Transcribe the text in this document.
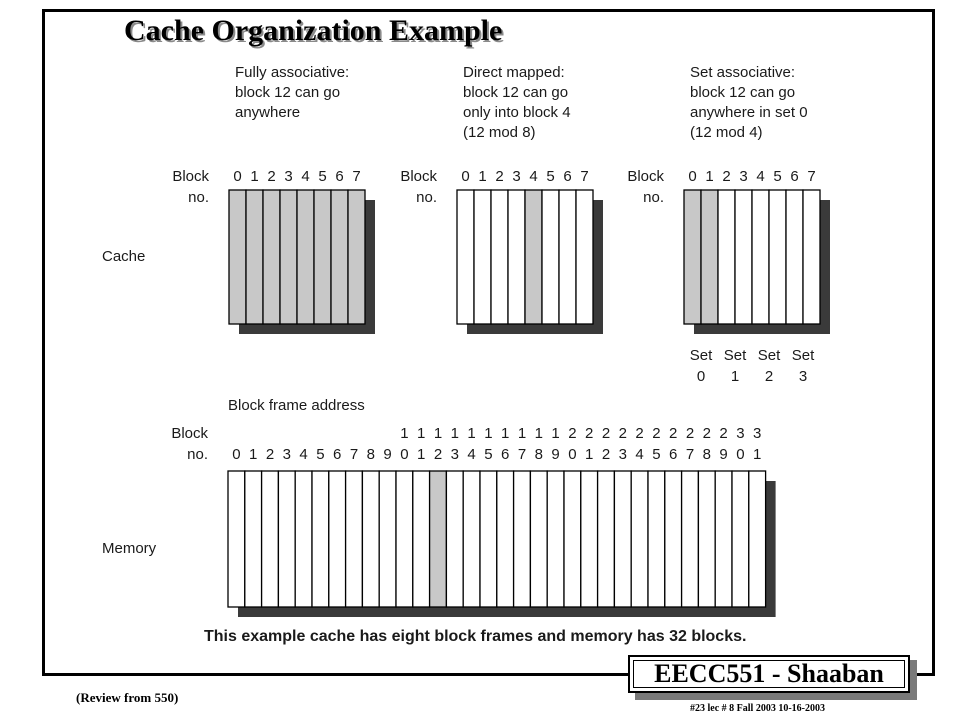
Cache Organization Example
Cache
Memory
Fully associative:
block 12 can go
anywhere
Block
no.
0 1 2 3 4 5 6 7
Direct mapped:
block 12 can go
only into block 4
(12 mod 8)
Block
no.
0 1 2 3 4 5 6 7
Set associative:
block 12 can go
anywhere in set 0
(12 mod 4)
Block
no.
0 1 2 3 4 5 6 7
Set
0
Set
1
Set
2
Set
3
Block frame address
Block
no.
1 1 1 1 1 1 1 1 1 1 2 2 2 2 2 2 2 2 2 2 3 3
0 1 2 3 4 5 6 7 8 9 0 1 2 3 4 5 6 7 8 9 0 1 2 3 4 5 6 7 8 9 0 1
This example cache has eight block frames and memory has 32 blocks.
(Review from 550)
EECC551 - Shaaban
#23 lec # 8 Fall 2003 10-16-2003
